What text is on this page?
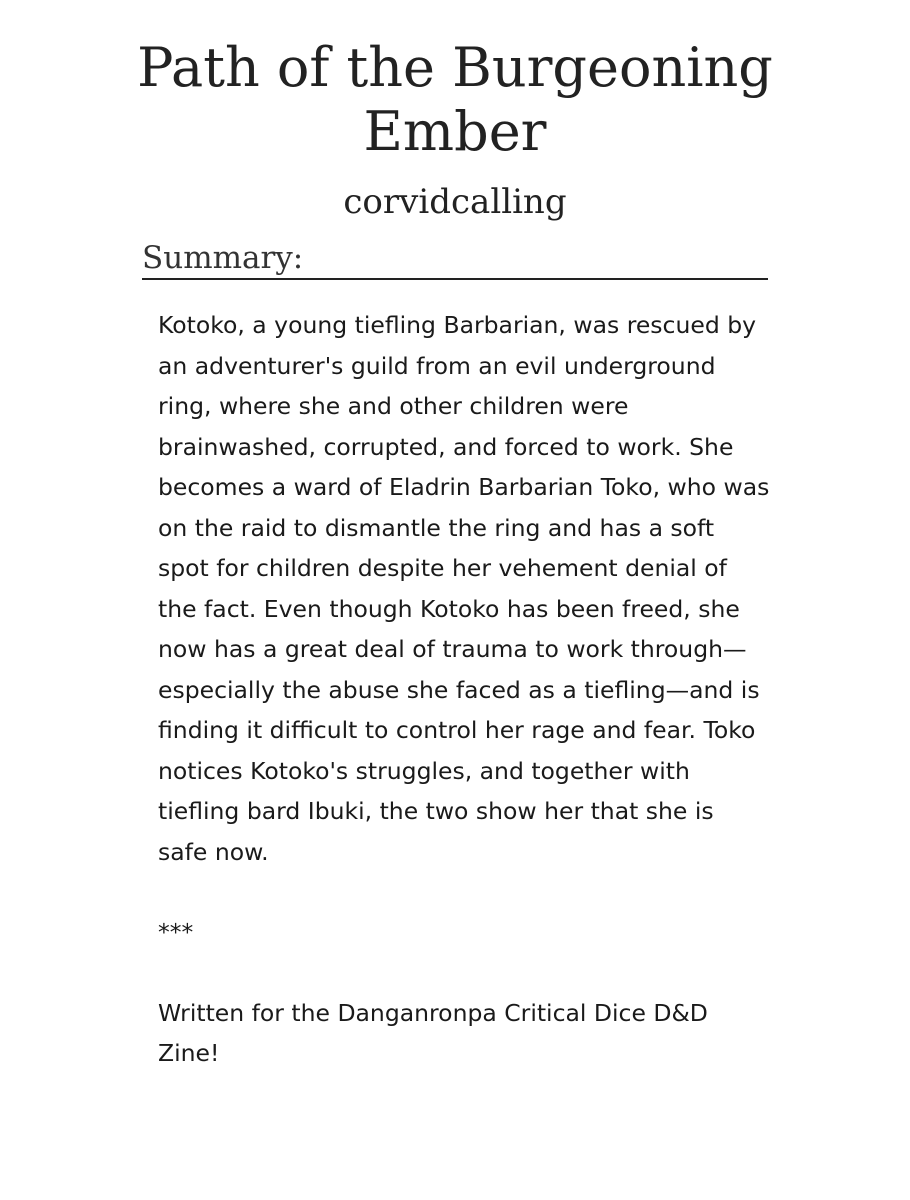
Path of the Burgeoning Ember
corvidcalling
Summary:

Kotoko, a young tiefling Barbarian, was rescued by an adventurer's guild from an evil underground ring, where she and other children were brainwashed, corrupted, and forced to work. She becomes a ward of Eladrin Barbarian Toko, who was on the raid to dismantle the ring and has a soft spot for children despite her vehement denial of the fact. Even though Kotoko has been freed, she now has a great deal of trauma to work through—especially the abuse she faced as a tiefling—and is finding it difficult to control her rage and fear. Toko notices Kotoko's struggles, and together with tiefling bard Ibuki, the two show her that she is safe now.

***

Written for the Danganronpa Critical Dice D&D Zine!
